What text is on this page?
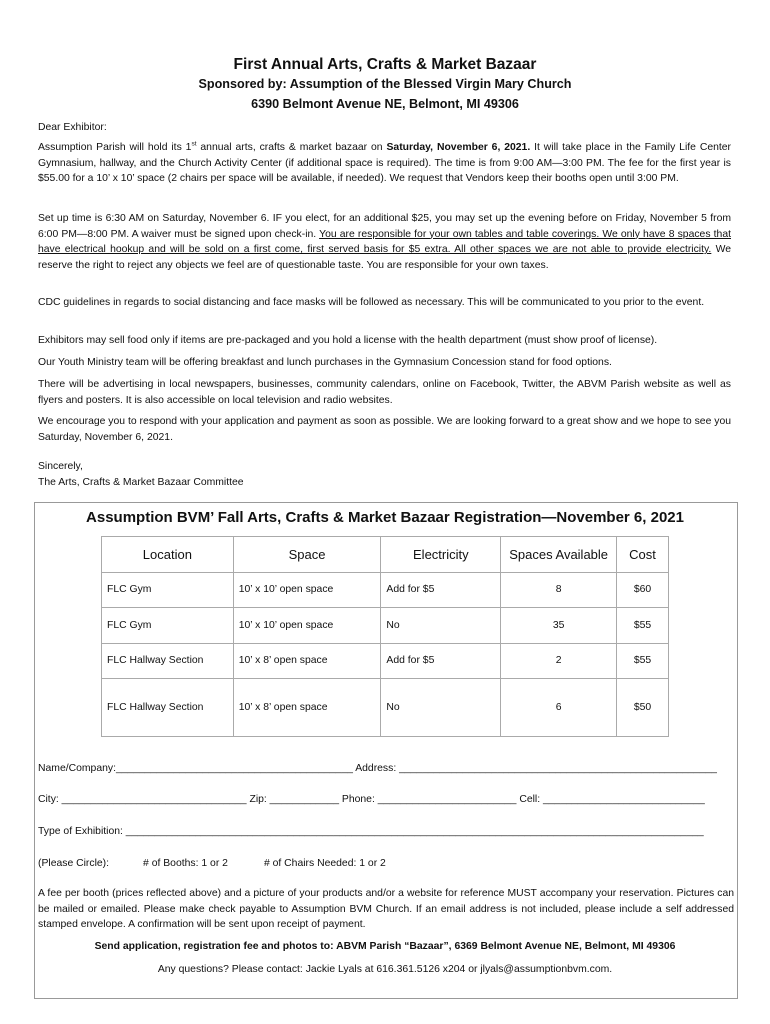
First Annual Arts, Crafts & Market Bazaar
Sponsored by: Assumption of the Blessed Virgin Mary Church
6390 Belmont Avenue NE, Belmont, MI 49306
Dear Exhibitor:
Assumption Parish will hold its 1st annual arts, crafts & market bazaar on Saturday, November 6, 2021. It will take place in the Family Life Center Gymnasium, hallway, and the Church Activity Center (if additional space is required). The time is from 9:00 AM—3:00 PM. The fee for the first year is $55.00 for a 10’ x 10’ space (2 chairs per space will be available, if needed). We request that Vendors keep their booths open until 3:00 PM.
Set up time is 6:30 AM on Saturday, November 6. IF you elect, for an additional $25, you may set up the evening before on Friday, November 5 from 6:00 PM—8:00 PM. A waiver must be signed upon check-in. You are responsible for your own tables and table coverings. We only have 8 spaces that have electrical hookup and will be sold on a first come, first served basis for $5 extra. All other spaces we are not able to provide electricity. We reserve the right to reject any objects we feel are of questionable taste. You are responsible for your own taxes.
CDC guidelines in regards to social distancing and face masks will be followed as necessary. This will be communicated to you prior to the event.
Exhibitors may sell food only if items are pre-packaged and you hold a license with the health department (must show proof of license).
Our Youth Ministry team will be offering breakfast and lunch purchases in the Gymnasium Concession stand for food options.
There will be advertising in local newspapers, businesses, community calendars, online on Facebook, Twitter, the ABVM Parish website as well as flyers and posters. It is also accessible on local television and radio websites.
We encourage you to respond with your application and payment as soon as possible. We are looking forward to a great show and we hope to see you Saturday, November 6, 2021.
Sincerely,
The Arts, Crafts & Market Bazaar Committee
Assumption BVM’ Fall Arts, Crafts & Market Bazaar Registration—November 6, 2021
Location	Space	Electricity	Spaces Available	Cost
FLC Gym	10’ x 10’ open space	Add for $5	8	$60
FLC Gym	10’ x 10’ open space	No	35	$55
FLC Hallway Section	10’ x 8’ open space	Add for $5	2	$55
FLC Hallway Section	10’ x 8’ open space	No	6	$50
Name/Company:_________________________________________ Address: _______________________________________________________
City: ________________________________ Zip: ____________ Phone: ________________________ Cell: ____________________________
Type of Exhibition: ____________________________________________________________________________________________________
(Please Circle):	# of Booths: 1 or 2	# of Chairs Needed: 1 or 2
A fee per booth (prices reflected above) and a picture of your products and/or a website for reference MUST accompany your reservation. Pictures can be mailed or emailed. Please make check payable to Assumption BVM Church. If an email address is not included, please include a self addressed stamped envelope. A confirmation will be sent upon receipt of payment.
Send application, registration fee and photos to: ABVM Parish “Bazaar”, 6369 Belmont Avenue NE, Belmont, MI 49306
Any questions? Please contact: Jackie Lyals at 616.361.5126 x204 or jlyals@assumptionbvm.com.
